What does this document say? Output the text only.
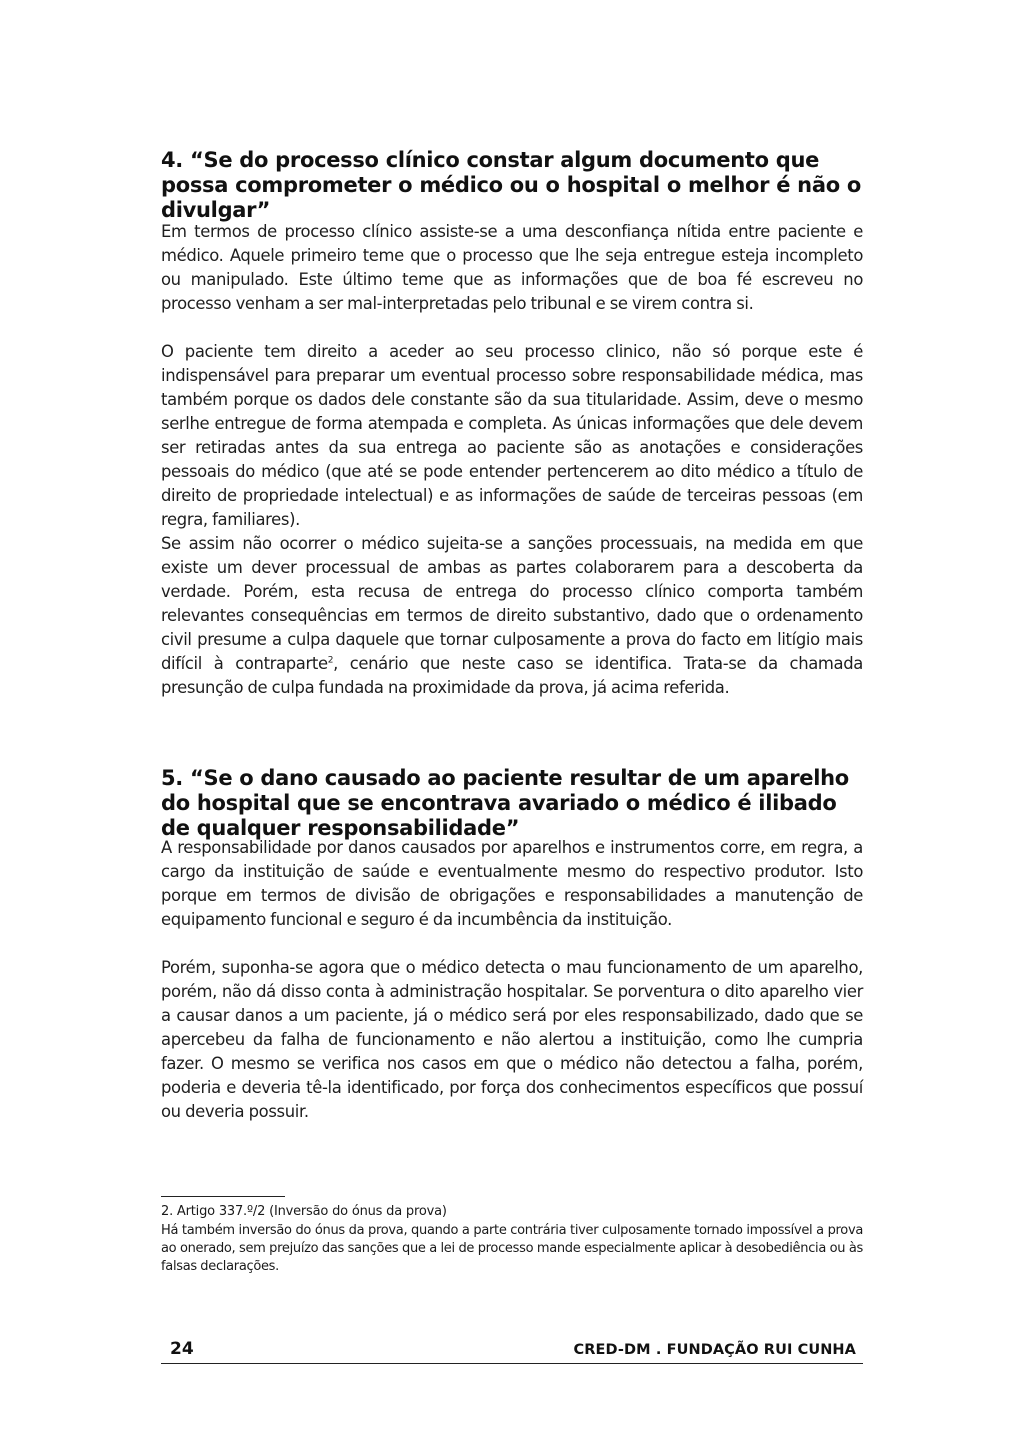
4. “Se do processo clínico constar algum documento que possa comprometer o médico ou o hospital o melhor é não o divulgar”

Em termos de processo clínico assiste-se a uma desconfiança nítida entre paciente e médico. Aquele primeiro teme que o processo que lhe seja entregue esteja incompleto ou manipulado. Este último teme que as informações que de boa fé escreveu no processo venham a ser mal-interpretadas pelo tribunal e se virem contra si.

O paciente tem direito a aceder ao seu processo clinico, não só porque este é indispensável para preparar um eventual processo sobre responsabilidade médica, mas também porque os dados dele constante são da sua titularidade. Assim, deve o mesmo serlhe entregue de forma atempada e completa. As únicas informações que dele devem ser retiradas antes da sua entrega ao paciente são as anotações e considerações pessoais do médico (que até se pode entender pertencerem ao dito médico a título de direito de propriedade intelectual) e as informações de saúde de terceiras pessoas (em regra, familiares).

Se assim não ocorrer o médico sujeita-se a sanções processuais, na medida em que existe um dever processual de ambas as partes colaborarem para a descoberta da verdade. Porém, esta recusa de entrega do processo clínico comporta também relevantes consequências em termos de direito substantivo, dado que o ordenamento civil presume a culpa daquele que tornar culposamente a prova do facto em litígio mais difícil à contraparte$^2$, cenário que neste caso se identifica. Trata-se da chamada presunção de culpa fundada na proximidade da prova, já acima referida.

5. “Se o dano causado ao paciente resultar de um aparelho do hospital que se encontrava avariado o médico é ilibado de qualquer responsabilidade”

A responsabilidade por danos causados por aparelhos e instrumentos corre, em regra, a cargo da instituição de saúde e eventualmente mesmo do respectivo produtor. Isto porque em termos de divisão de obrigações e responsabilidades a manutenção de equipamento funcional e seguro é da incumbência da instituição.

Porém, suponha-se agora que o médico detecta o mau funcionamento de um aparelho, porém, não dá disso conta à administração hospitalar. Se porventura o dito aparelho vier a causar danos a um paciente, já o médico será por eles responsabilizado, dado que se apercebeu da falha de funcionamento e não alertou a instituição, como lhe cumpria fazer. O mesmo se verifica nos casos em que o médico não detectou a falha, porém, poderia e deveria tê-la identificado, por força dos conhecimentos específicos que possuí ou deveria possuir.

2. Artigo 337.º/2 (Inversão do ónus da prova)
Há também inversão do ónus da prova, quando a parte contrária tiver culposamente tornado impossível a prova ao onerado, sem prejuízo das sanções que a lei de processo mande especialmente aplicar à desobediência ou às falsas declarações.
24	CRED-DM . FUNDAÇÃO RUI CUNHA
